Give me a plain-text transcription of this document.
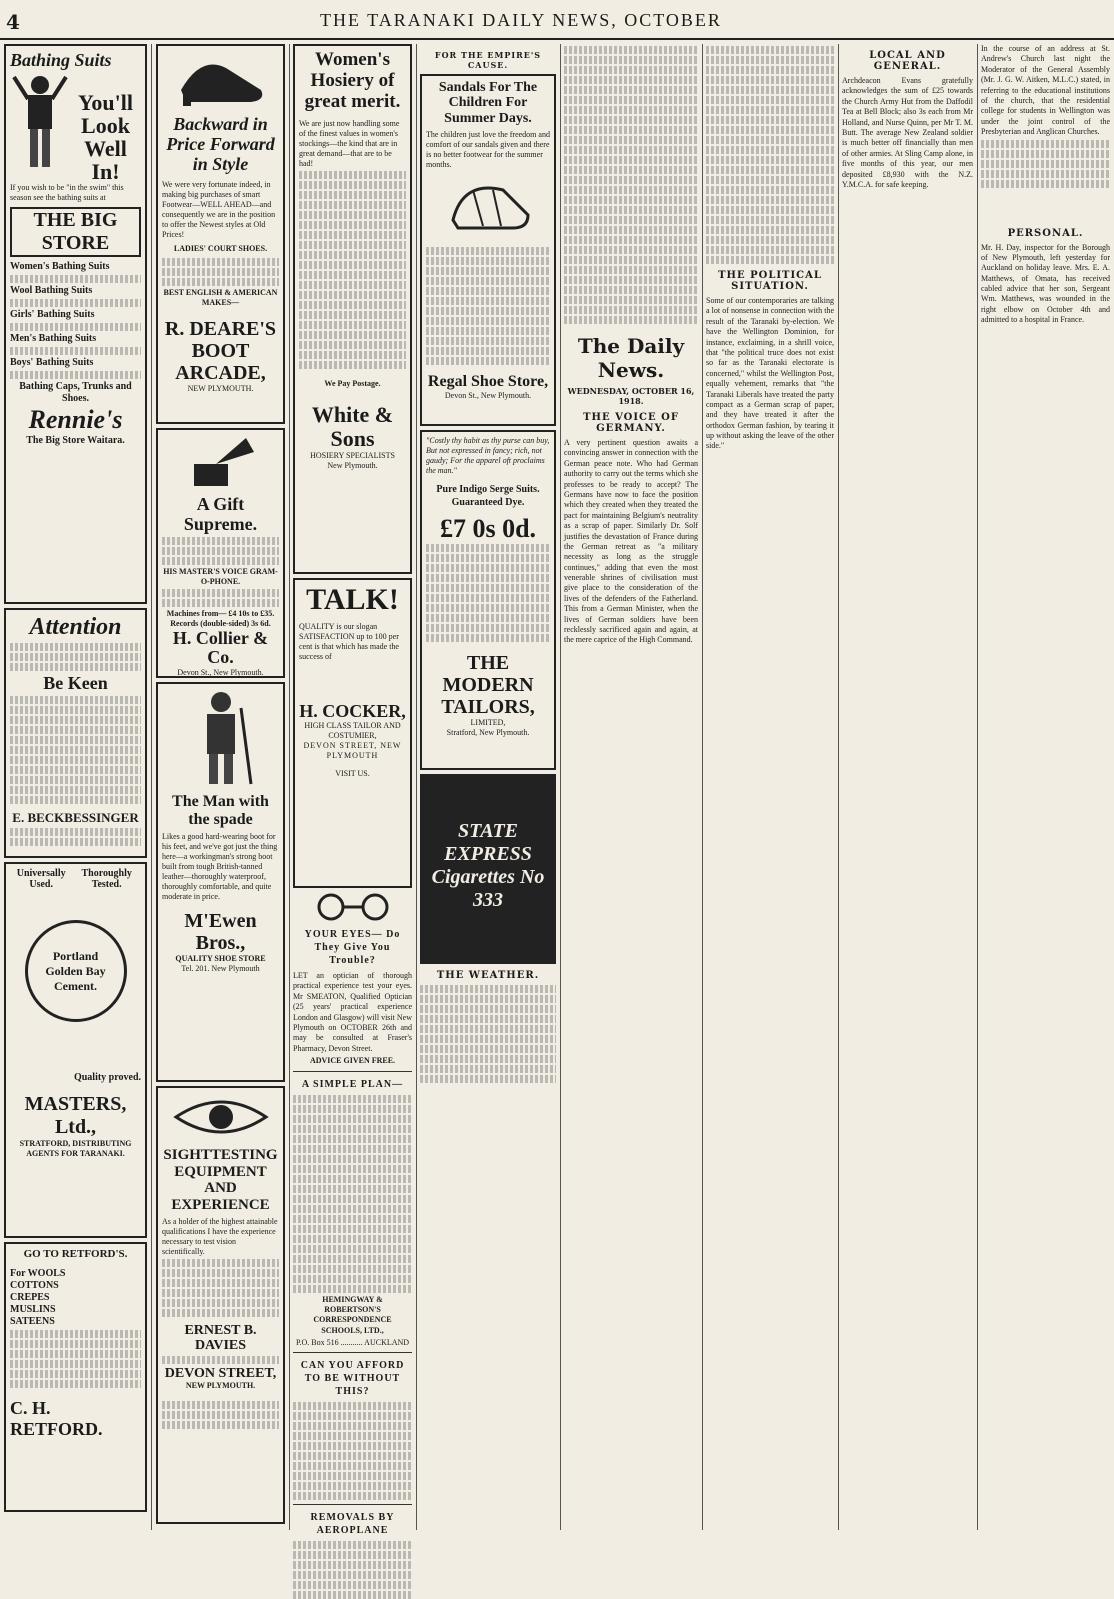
4	THE TARANAKI DAILY NEWS, OCTOBER
Bathing Suits
You'll Look Well In!
If you wish to be "in the swim" this season see the bathing suits at
THE BIG STORE
Women's Bathing Suits
Wool Bathing Suits
Girls' Bathing Suits
Men's Bathing Suits
Boys' Bathing Suits
Bathing Caps, Trunks and Shoes.
Rennie's
The Big Store Waitara.
Attention
Be Keen
E. BECKBESSINGER
Universally Used.
Thoroughly Tested.
Portland
Golden Bay
Cement.
Quality proved.
MASTERS, Ltd.,
STRATFORD, DISTRIBUTING AGENTS FOR TARANAKI.
GO TO RETFORD'S.
For WOOLS
COTTONS
CREPES
MUSLINS
SATEENS
C. H. RETFORD.
Backward in Price Forward in Style
We were very fortunate indeed, in making big purchases of smart Footwear—WELL AHEAD—and consequently we are in the position to offer the Newest styles at Old Prices!
LADIES' COURT SHOES.
BEST ENGLISH & AMERICAN MAKES—
R. DEARE'S BOOT ARCADE,
NEW PLYMOUTH.
A Gift Supreme.
HIS MASTER'S VOICE GRAM-O-PHONE.
Machines from— £4 10s to £35.
Records (double-sided) 3s 6d.
H. Collier & Co.
Devon St., New Plymouth.
The Man with the spade
Likes a good hard-wearing boot for his feet, and we've got just the thing here—a workingman's strong boot built from tough British-tanned leather—thoroughly waterproof, thoroughly comfortable, and quite moderate in price.
M'Ewen Bros.,
QUALITY SHOE STORE
Tel. 201. New Plymouth
SIGHTTESTING EQUIPMENT AND EXPERIENCE
As a holder of the highest attainable qualifications I have the experience necessary to test vision scientifically.
ERNEST B. DAVIES
DEVON STREET,
NEW PLYMOUTH.
Women's Hosiery of great merit.
We are just now handling some of the finest values in women's stockings—the kind that are in great demand—that are to be had!
We Pay Postage.
White & Sons
HOSIERY SPECIALISTS
New Plymouth.
TALK!
QUALITY is our slogan SATISFACTION up to 100 per cent is that which has made the success of
H. COCKER,
HIGH CLASS TAILOR AND COSTUMIER,
DEVON STREET, NEW PLYMOUTH
VISIT US.
YOUR EYES— Do They Give You Trouble?
LET an optician of thorough practical experience test your eyes. Mr SMEATON, Qualified Optician (25 years' practical experience London and Glasgow) will visit New Plymouth on OCTOBER 26th and may be consulted at Fraser's Pharmacy, Devon Street.
ADVICE GIVEN FREE.
A SIMPLE PLAN—
HEMINGWAY & ROBERTSON'S CORRESPONDENCE SCHOOLS, LTD.,
P.O. Box 516 ........... AUCKLAND
CAN YOU AFFORD TO BE WITHOUT THIS?
REMOVALS BY AEROPLANE
FOR THE EMPIRE'S CAUSE.
Sandals For The Children For Summer Days.
The children just love the freedom and comfort of our sandals given and there is no better footwear for the summer months.
Regal Shoe Store,
Devon St., New Plymouth.
"Costly thy habit as thy purse can buy, But not expressed in fancy; rich, not gaudy; For the apparel oft proclaims the man."
Pure Indigo Serge Suits. Guaranteed Dye.
£7 0s 0d.
THE MODERN TAILORS,
LIMITED,
Stratford, New Plymouth.
STATE EXPRESS Cigarettes No 333
THE WEATHER.
The Daily News.
WEDNESDAY, OCTOBER 16, 1918.
THE VOICE OF GERMANY.
A very pertinent question awaits a convincing answer in connection with the German peace note. Who had German authority to carry out the terms which she professes to be ready to accept? The Germans have now to face the position which they created when they treated the pact for maintaining Belgium's neutrality as a scrap of paper. Similarly Dr. Solf justifies the devastation of France during the German retreat as "a military necessity as long as the struggle continues," adding that even the most venerable shrines of civilisation must give place to the consideration of the lives of the defenders of the Fatherland. This from a German Minister, when the lives of German soldiers have been recklessly sacrificed again and again, at the mere caprice of the High Command.
THE POLITICAL SITUATION.
Some of our contemporaries are talking a lot of nonsense in connection with the result of the Taranaki by-election. We have the Wellington Dominion, for instance, exclaiming, in a shrill voice, that "the political truce does not exist so far as the Taranaki electorate is concerned," whilst the Wellington Post, equally vehement, remarks that "the Taranaki Liberals have treated the party compact as a German scrap of paper, and they have treated it after the orthodox German fashion, by tearing it up without asking the leave of the other side."
LOCAL AND GENERAL.
Archdeacon Evans gratefully acknowledges the sum of £25 towards the Church Army Hut from the Daffodil Tea at Bell Block; also 3s each from Mr Holland, and Nurse Quinn, per Mr T. M. Butt. The average New Zealand soldier is much better off financially than men of other armies. At Sling Camp alone, in five months of this year, our men deposited £8,930 with the N.Z. Y.M.C.A. for safe keeping.
In the course of an address at St. Andrew's Church last night the Moderator of the General Assembly (Mr. J. G. W. Aitken, M.L.C.) stated, in referring to the educational institutions of the church, that the residential college for students in Wellington was under the joint control of the Presbyterian and Anglican Churches.
PERSONAL.
Mr. H. Day, inspector for the Borough of New Plymouth, left yesterday for Auckland on holiday leave. Mrs. E. A. Matthews, of Omata, has received cabled advice that her son, Sergeant Wm. Matthews, was wounded in the right elbow on October 4th and admitted to a hospital in France.
